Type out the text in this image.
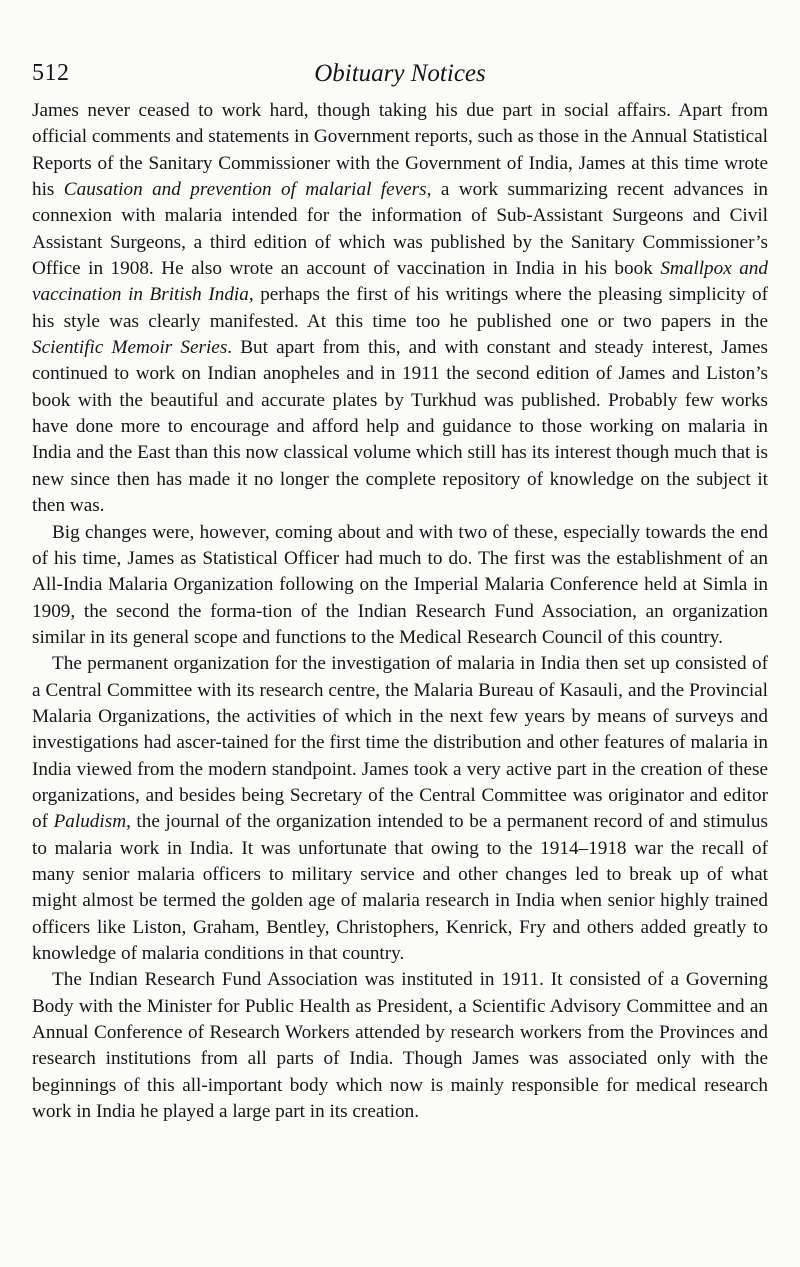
512	Obituary Notices

James never ceased to work hard, though taking his due part in social affairs. Apart from official comments and statements in Government reports, such as those in the Annual Statistical Reports of the Sanitary Commissioner with the Government of India, James at this time wrote his Causation and prevention of malarial fevers, a work summarizing recent advances in connexion with malaria intended for the information of Sub-Assistant Surgeons and Civil Assistant Surgeons, a third edition of which was published by the Sanitary Commissioner’s Office in 1908. He also wrote an account of vaccination in India in his book Smallpox and vaccination in British India, perhaps the first of his writings where the pleasing simplicity of his style was clearly manifested. At this time too he published one or two papers in the Scientific Memoir Series. But apart from this, and with constant and steady interest, James continued to work on Indian anopheles and in 1911 the second edition of James and Liston’s book with the beautiful and accurate plates by Turkhud was published. Probably few works have done more to encourage and afford help and guidance to those working on malaria in India and the East than this now classical volume which still has its interest though much that is new since then has made it no longer the complete repository of knowledge on the subject it then was.

Big changes were, however, coming about and with two of these, especially towards the end of his time, James as Statistical Officer had much to do. The first was the establishment of an All-India Malaria Organization following on the Imperial Malaria Conference held at Simla in 1909, the second the forma-tion of the Indian Research Fund Association, an organization similar in its general scope and functions to the Medical Research Council of this country.

The permanent organization for the investigation of malaria in India then set up consisted of a Central Committee with its research centre, the Malaria Bureau of Kasauli, and the Provincial Malaria Organizations, the activities of which in the next few years by means of surveys and investigations had ascer-tained for the first time the distribution and other features of malaria in India viewed from the modern standpoint. James took a very active part in the creation of these organizations, and besides being Secretary of the Central Committee was originator and editor of Paludism, the journal of the organization intended to be a permanent record of and stimulus to malaria work in India. It was unfortunate that owing to the 1914–1918 war the recall of many senior malaria officers to military service and other changes led to break up of what might almost be termed the golden age of malaria research in India when senior highly trained officers like Liston, Graham, Bentley, Christophers, Kenrick, Fry and others added greatly to knowledge of malaria conditions in that country.

The Indian Research Fund Association was instituted in 1911. It consisted of a Governing Body with the Minister for Public Health as President, a Scientific Advisory Committee and an Annual Conference of Research Workers attended by research workers from the Provinces and research institutions from all parts of India. Though James was associated only with the beginnings of this all-important body which now is mainly responsible for medical research work in India he played a large part in its creation.
